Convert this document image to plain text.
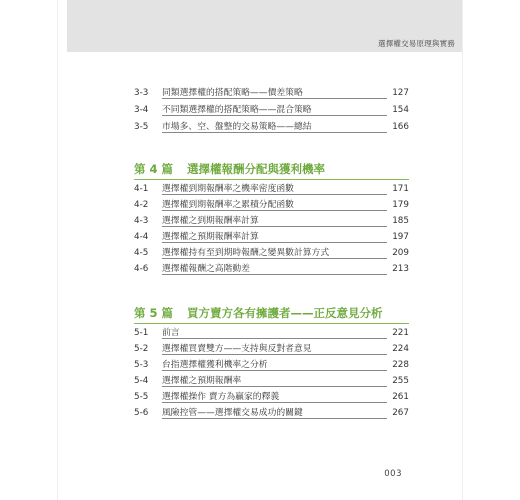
選擇權交易原理與實務
3-3	同類選擇權的搭配策略——價差策略	127
3-4	不同類選擇權的搭配策略——混合策略	154
3-5	市場多、空、盤整的交易策略——總結	166
第 4 篇 選擇權報酬分配與獲利機率
4-1	選擇權到期報酬率之機率密度函數	171
4-2	選擇權到期報酬率之累積分配函數	179
4-3	選擇權之到期報酬率計算	185
4-4	選擇權之預期報酬率計算	197
4-5	選擇權持有至到期時報酬之變異數計算方式	209
4-6	選擇權報酬之高階動差	213
第 5 篇 買方賣方各有擁護者——正反意見分析
5-1	前言	221
5-2	選擇權買賣雙方——支持與反對者意見	224
5-3	台指選擇權獲利機率之分析	228
5-4	選擇權之預期報酬率	255
5-5	選擇權操作 賣方為贏家的釋義	261
5-6	風險控管——選擇權交易成功的關鍵	267
003
